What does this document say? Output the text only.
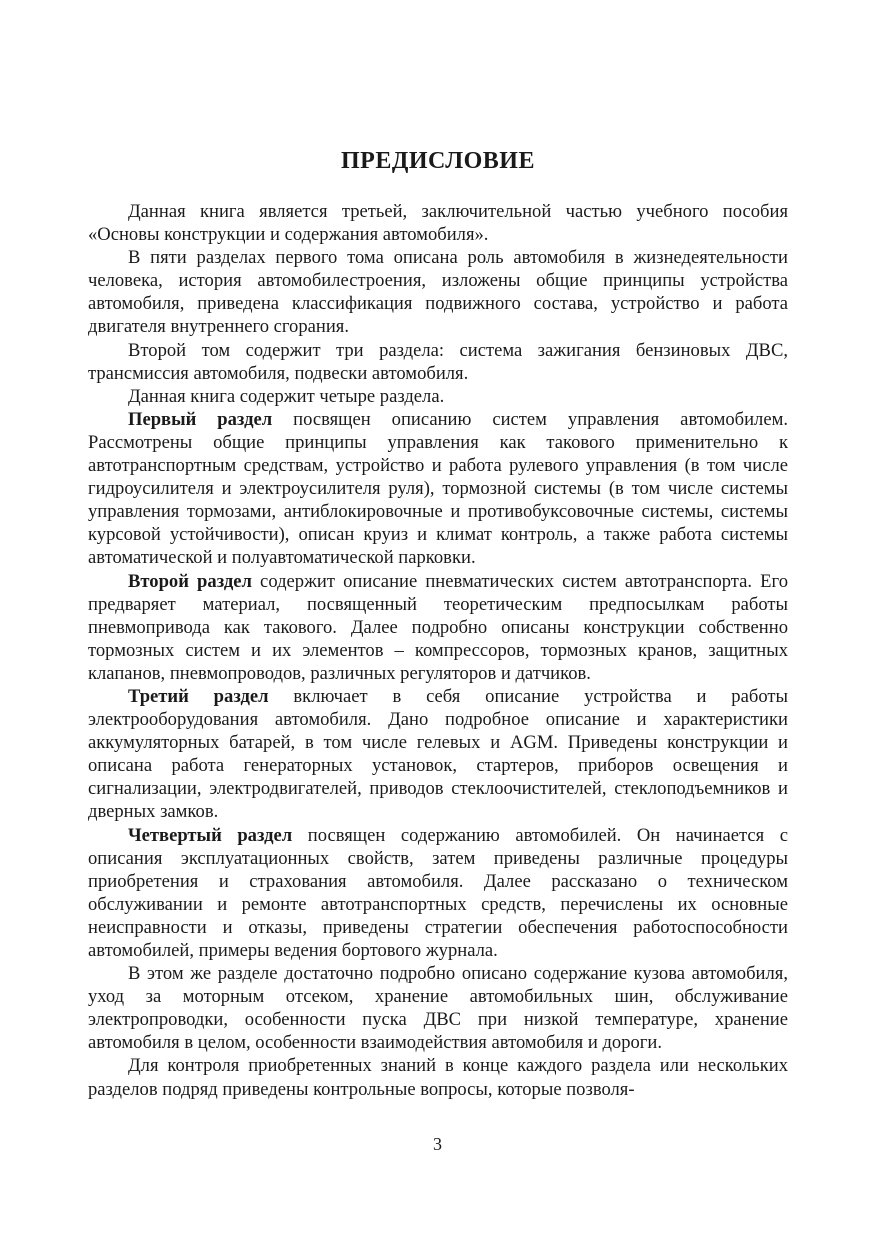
ПРЕДИСЛОВИЕ

Данная книга является третьей, заключительной частью учебного пособия «Основы конструкции и содержания автомобиля».

В пяти разделах первого тома описана роль автомобиля в жизнедеятельности человека, история автомобилестроения, изложены общие принципы устройства автомобиля, приведена классификация подвижного состава, устройство и работа двигателя внутреннего сгорания.

Второй том содержит три раздела: система зажигания бензиновых ДВС, трансмиссия автомобиля, подвески автомобиля.

Данная книга содержит четыре раздела.

Первый раздел посвящен описанию систем управления автомобилем. Рассмотрены общие принципы управления как такового применительно к автотранспортным средствам, устройство и работа рулевого управления (в том числе гидроусилителя и электроусилителя руля), тормозной системы (в том числе системы управления тормозами, антиблокировочные и противобуксовочные системы, системы курсовой устойчивости), описан круиз и климат контроль, а также работа системы автоматической и полуавтоматической парковки.

Второй раздел содержит описание пневматических систем автотранспорта. Его предваряет материал, посвященный теоретическим предпосылкам работы пневмопривода как такового. Далее подробно описаны конструкции собственно тормозных систем и их элементов – компрессоров, тормозных кранов, защитных клапанов, пневмопроводов, различных регуляторов и датчиков.

Третий раздел включает в себя описание устройства и работы электрооборудования автомобиля. Дано подробное описание и характеристики аккумуляторных батарей, в том числе гелевых и AGM. Приведены конструкции и описана работа генераторных установок, стартеров, приборов освещения и сигнализации, электродвигателей, приводов стеклоочистителей, стеклоподъемников и дверных замков.

Четвертый раздел посвящен содержанию автомобилей. Он начинается с описания эксплуатационных свойств, затем приведены различные процедуры приобретения и страхования автомобиля. Далее рассказано о техническом обслуживании и ремонте автотранспортных средств, перечислены их основные неисправности и отказы, приведены стратегии обеспечения работоспособности автомобилей, примеры ведения бортового журнала.

В этом же разделе достаточно подробно описано содержание кузова автомобиля, уход за моторным отсеком, хранение автомобильных шин, обслуживание электропроводки, особенности пуска ДВС при низкой температуре, хранение автомобиля в целом, особенности взаимодействия автомобиля и дороги.

Для контроля приобретенных знаний в конце каждого раздела или нескольких разделов подряд приведены контрольные вопросы, которые позволя-

3
